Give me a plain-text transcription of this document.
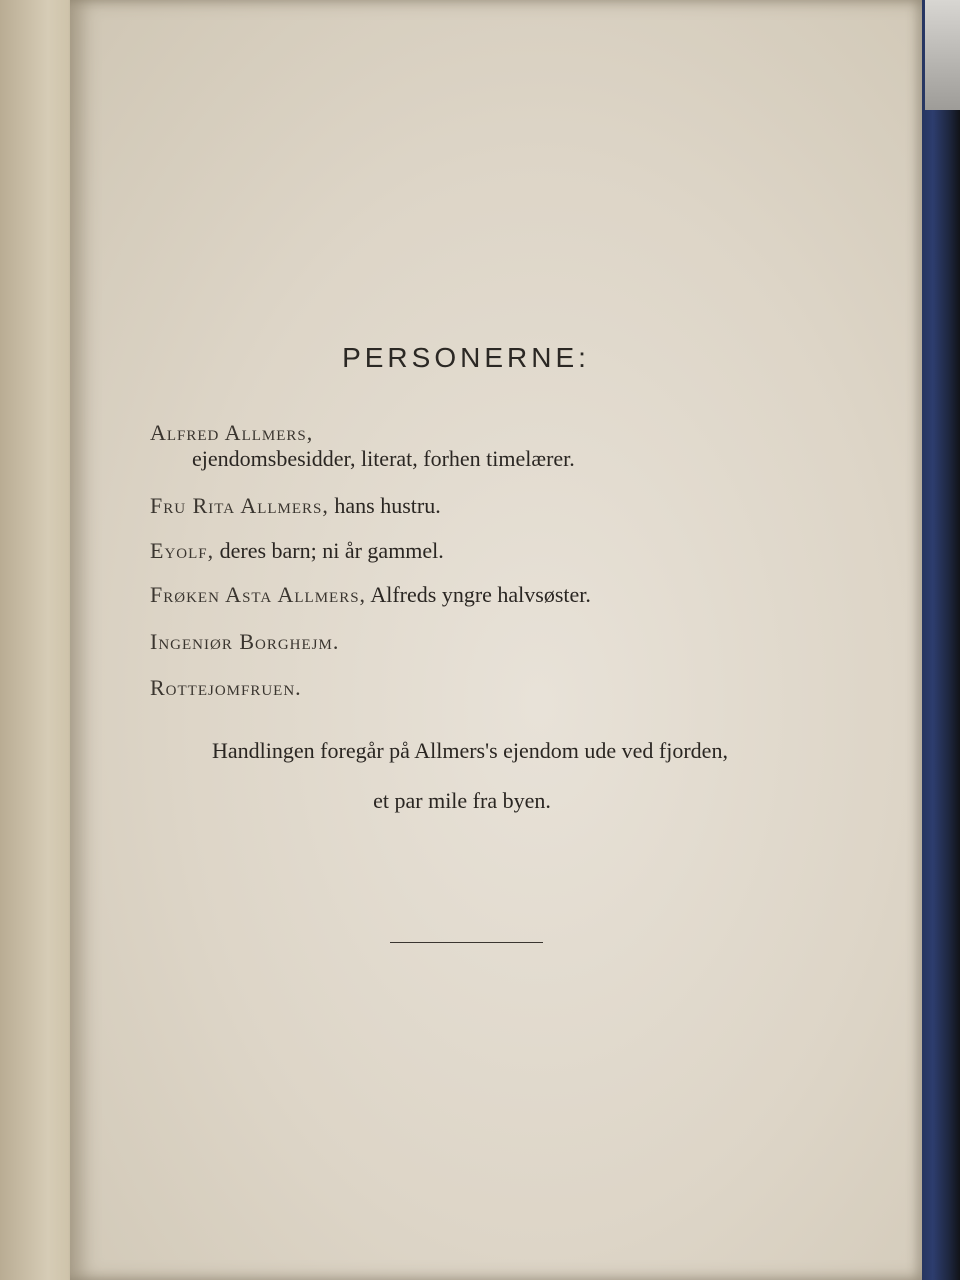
PERSONERNE:
Alfred Allmers,
ejendomsbesidder, literat, forhen timelærer.
Fru Rita Allmers, hans hustru.
Eyolf, deres barn; ni år gammel.
Frøken Asta Allmers, Alfreds yngre halvsøster.
Ingeniør Borghejm.
Rottejomfruen.
Handlingen foregår på Allmers's ejendom ude ved fjorden,
et par mile fra byen.
